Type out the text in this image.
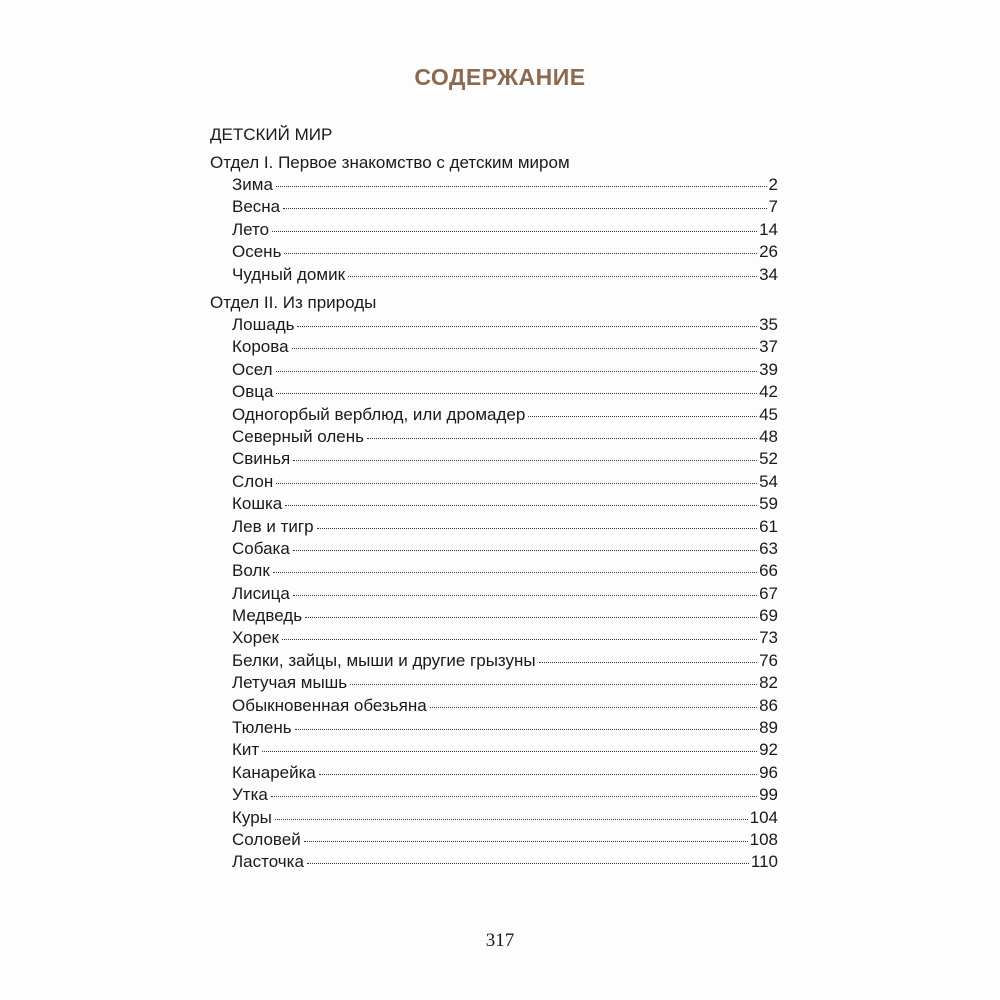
СОДЕРЖАНИЕ
ДЕТСКИЙ МИР
Отдел I. Первое знакомство с детским миром
Зима	2
Весна	7
Лето	14
Осень	26
Чудный домик	34
Отдел II. Из природы
Лошадь	35
Корова	37
Осел	39
Овца	42
Одногорбый верблюд, или дромадер	45
Северный олень	48
Свинья	52
Слон	54
Кошка	59
Лев и тигр	61
Собака	63
Волк	66
Лисица	67
Медведь	69
Хорек	73
Белки, зайцы, мыши и другие грызуны	76
Летучая мышь	82
Обыкновенная обезьяна	86
Тюлень	89
Кит	92
Канарейка	96
Утка	99
Куры	104
Соловей	108
Ласточка	110
317
